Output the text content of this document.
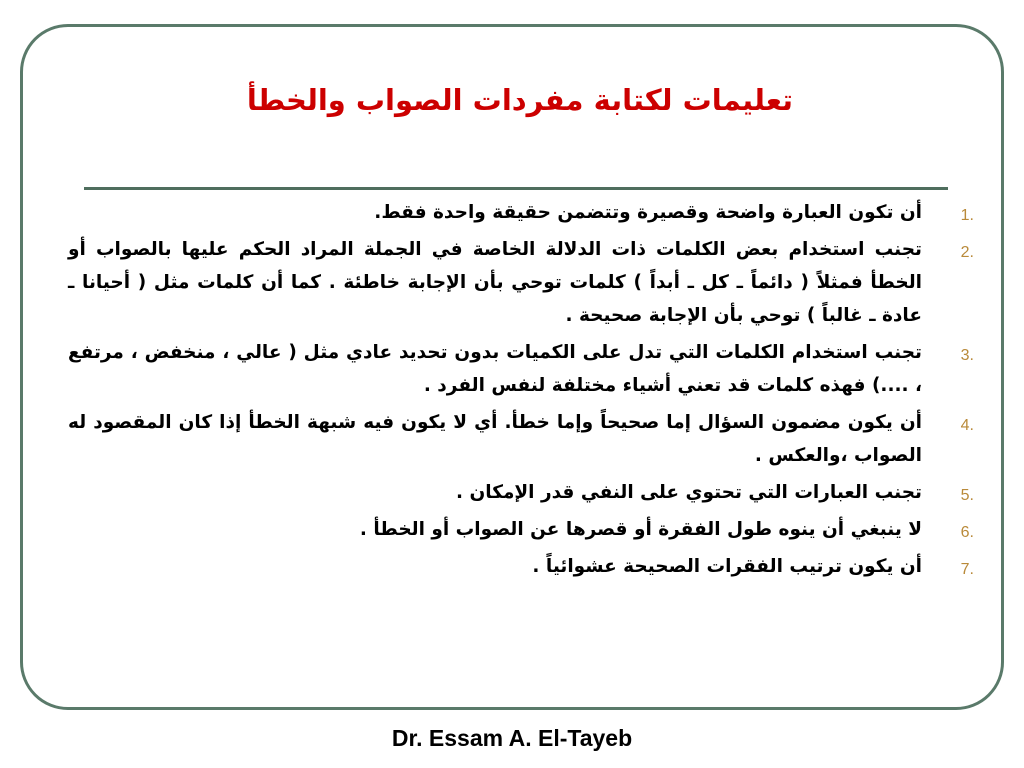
تعليمات لكتابة مفردات الصواب والخطأ
1.
أن تكون العبارة واضحة وقصيرة وتتضمن حقيقة واحدة فقط.
2.
تجنب استخدام بعض الكلمات ذات الدلالة الخاصة في الجملة المراد الحكم عليها بالصواب أو الخطأ فمثلاً ( دائماً ـ كل ـ أبداً ) كلمات توحي بأن الإجابة خاطئة . كما أن كلمات مثل ( أحيانا ـ عادة ـ غالباً ) توحي بأن الإجابة صحيحة .
3.
تجنب استخدام الكلمات التي تدل على الكميات بدون تحديد عادي مثل ( عالي ، منخفض ، مرتفع ، ....) فهذه كلمات قد تعني أشياء مختلفة لنفس الفرد .
4.
أن يكون مضمون السؤال إما صحيحاً وإما خطأ. أي لا يكون فيه شبهة الخطأ إذا كان المقصود له الصواب ،والعكس .
5.
تجنب العبارات التي تحتوي على النفي قدر الإمكان .
6.
لا ينبغي أن ينوه طول الفقرة أو قصرها عن الصواب أو الخطأ .
7.
أن يكون ترتيب الفقرات الصحيحة عشوائياً .
Dr. Essam A. El-Tayeb
